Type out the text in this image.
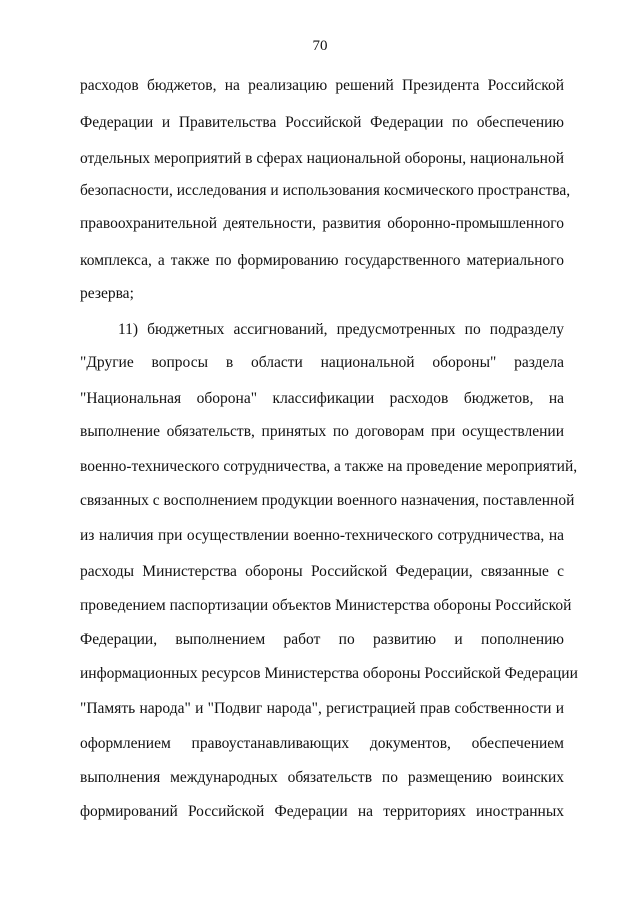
70
расходов бюджетов, на реализацию решений Президента Российской
Федерации и Правительства Российской Федерации по обеспечению
отдельных мероприятий в сферах национальной обороны, национальной
безопасности, исследования и использования космического пространства,
правоохранительной деятельности, развития оборонно-промышленного
комплекса, а также по формированию государственного материального
резерва;
11) бюджетных ассигнований, предусмотренных по подразделу
"Другие вопросы в области национальной обороны" раздела
"Национальная оборона" классификации расходов бюджетов, на
выполнение обязательств, принятых по договорам при осуществлении
военно-технического сотрудничества, а также на проведение мероприятий,
связанных с восполнением продукции военного назначения, поставленной
из наличия при осуществлении военно-технического сотрудничества, на
расходы Министерства обороны Российской Федерации, связанные с
проведением паспортизации объектов Министерства обороны Российской
Федерации, выполнением работ по развитию и пополнению
информационных ресурсов Министерства обороны Российской Федерации
"Память народа" и "Подвиг народа", регистрацией прав собственности и
оформлением правоустанавливающих документов, обеспечением
выполнения международных обязательств по размещению воинских
формирований Российской Федерации на территориях иностранных
